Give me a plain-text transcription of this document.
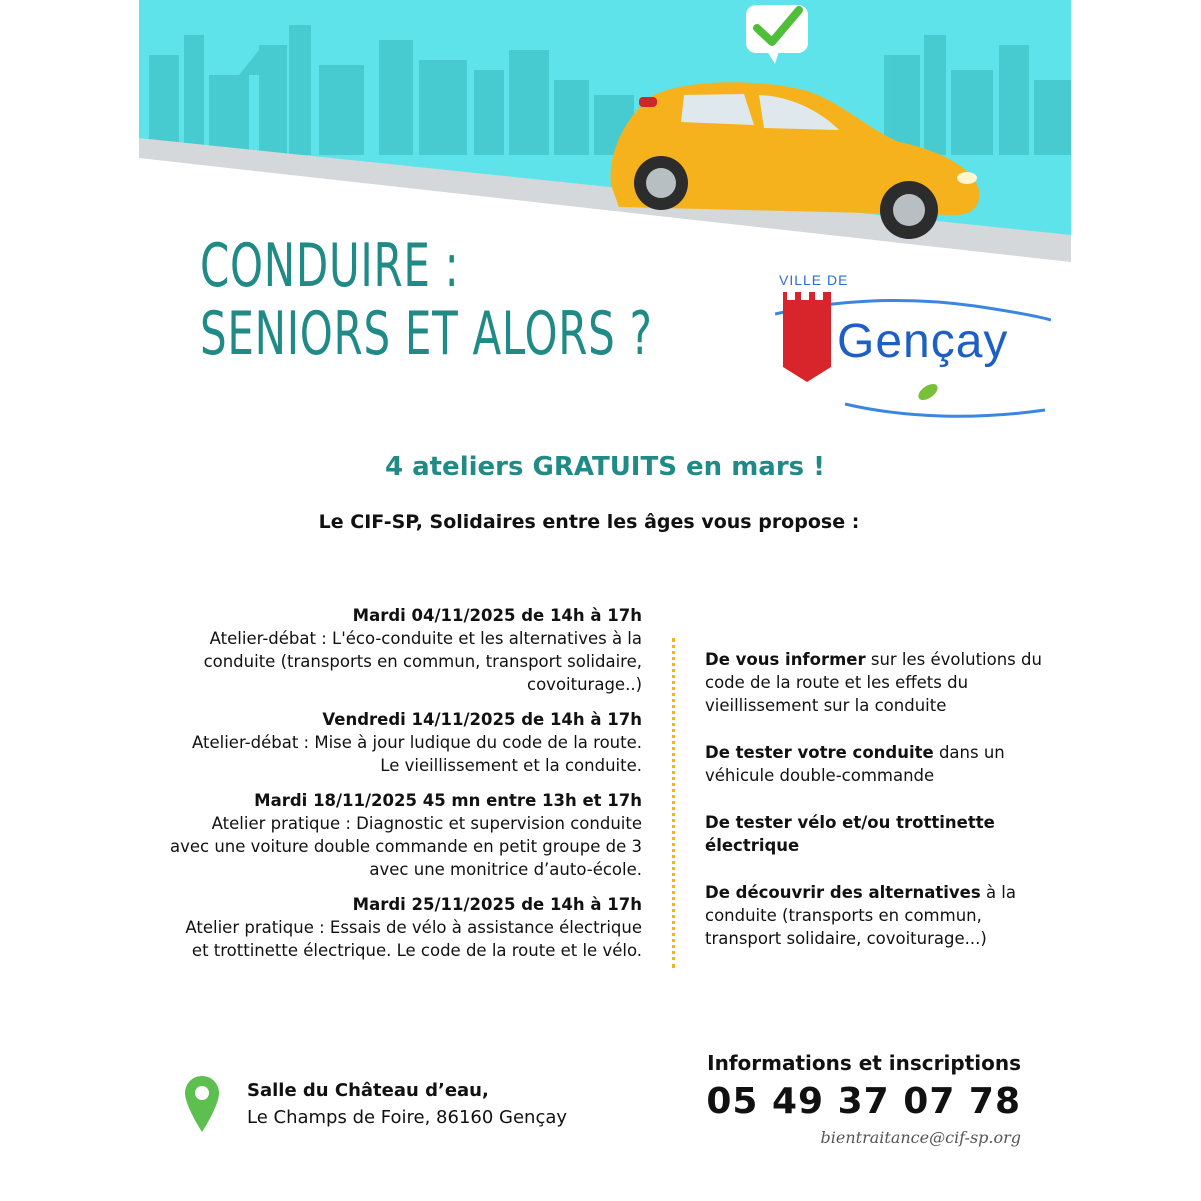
CONDUIRE :
SENIORS ET ALORS ?
VILLE DE
Gençay
4 ateliers GRATUITS en mars !
Le CIF-SP, Solidaires entre les âges vous propose :
Mardi 04/11/2025 de 14h à 17h
Atelier-débat : L'éco-conduite et les alternatives à la conduite (transports en commun, transport solidaire, covoiturage..)
Vendredi 14/11/2025 de 14h à 17h
Atelier-débat : Mise à jour ludique du code de la route. Le vieillissement et la conduite.
Mardi 18/11/2025 45 mn entre 13h et 17h
Atelier pratique : Diagnostic et supervision conduite avec une voiture double commande en petit groupe de 3 avec une monitrice d’auto-école.
Mardi 25/11/2025 de 14h à 17h
Atelier pratique : Essais de vélo à assistance électrique et trottinette électrique. Le code de la route et le vélo.
De vous informer sur les évolutions du code de la route et les effets du vieillissement sur la conduite
De tester votre conduite dans un véhicule double-commande
De tester vélo et/ou trottinette électrique
De découvrir des alternatives à la conduite (transports en commun, transport solidaire, covoiturage...)
Salle du Château d’eau,
Le Champs de Foire, 86160 Gençay
Informations et inscriptions
05 49 37 07 78
bientraitance@cif-sp.org
